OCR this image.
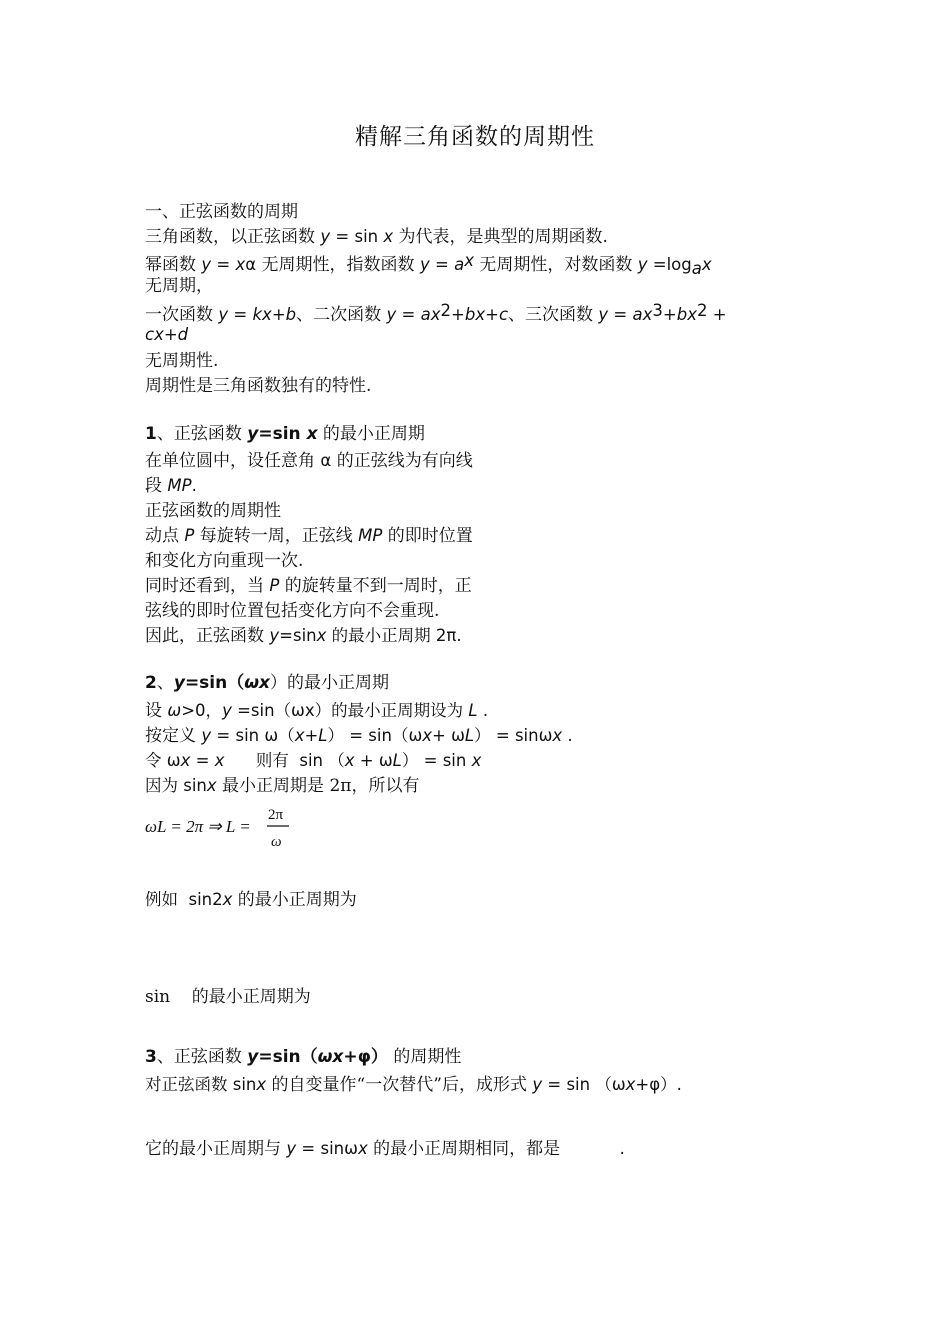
精解三角函数的周期性
一、正弦函数的周期
三角函数，以正弦函数 y = sin x 为代表，是典型的周期函数.
幂函数 y = xα 无周期性，指数函数 $y = a^x$ 无周期性，对数函数 $y =\log_ax$
无周期，
一次函数 y = kx+b、二次函数 $y = ax^2+bx+c$、三次函数 $y = ax^3+bx^2$ +
cx+d
无周期性.
周期性是三角函数独有的特性.
1、正弦函数 y=sin x 的最小正周期
在单位圆中，设任意角 α 的正弦线为有向线
段 MP.
正弦函数的周期性
动点 P 每旋转一周，正弦线 MP 的即时位置
和变化方向重现一次.
同时还看到，当 P 的旋转量不到一周时，正
弦线的即时位置包括变化方向不会重现.
因此，正弦函数 y=sinx 的最小正周期 2π.
2、y=sin（ωx）的最小正周期
设 ω>0，y =sin（ωx）的最小正周期设为 L .
按定义 y = sin ω（x+L） = sin（ωx+ ωL） = sinωx .
令 ωx = x      则有  sin （x + ωL） = sin x
因为 sinx 最小正周期是 2π，所以有
ωL = 2π ⇒ L =
2π
ω
例如  sin2x 的最小正周期为
sin    的最小正周期为
3、正弦函数 y=sin（ωx+φ） 的周期性
对正弦函数 sinx 的自变量作“一次替代”后，成形式 y = sin （ωx+φ）.
它的最小正周期与 y = sinωx 的最小正周期相同，都是	.
